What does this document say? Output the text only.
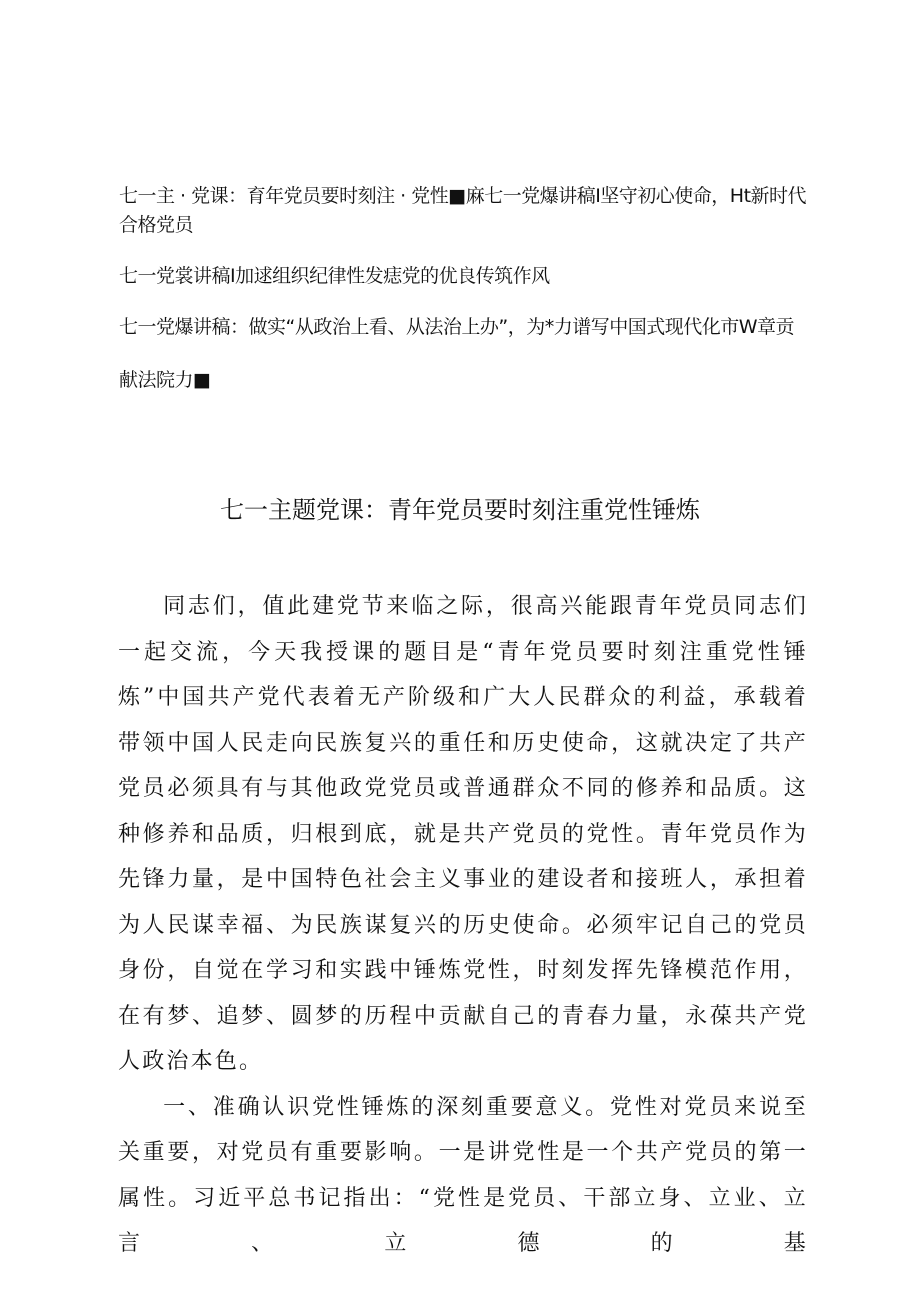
七一主 · 党课：育年党员要时刻注 · 党性■麻七一党爆讲稿I坚守初心使命，Ht新时代

合格党员

七一党裳讲稿I加逑组织纪律性发痣党的优良传筑作风

七一党爆讲稿：做实“从政治上看、从法治上办”，为*力谱写中国式现代化市W章贡

献法院力■

七一主题党课：青年党员要时刻注重党性锤炼

同志们，值此建党节来临之际，很高兴能跟青年党员同志们一起交流，今天我授课的题目是“青年党员要时刻注重党性锤炼”中国共产党代表着无产阶级和广大人民群众的利益，承载着带领中国人民走向民族复兴的重任和历史使命，这就决定了共产党员必须具有与其他政党党员或普通群众不同的修养和品质。这种修养和品质，归根到底，就是共产党员的党性。青年党员作为先锋力量，是中国特色社会主义事业的建设者和接班人，承担着为人民谋幸福、为民族谋复兴的历史使命。必须牢记自己的党员身份，自觉在学习和实践中锤炼党性，时刻发挥先锋模范作用，在有梦、追梦、圆梦的历程中贡献自己的青春力量，永葆共产党人政治本色。

一、准确认识党性锤炼的深刻重要意义。党性对党员来说至关重要，对党员有重要影响。一是讲党性是一个共产党员的第一属性。习近平总书记指出：“党性是党员、干部立身、立业、立言、立德的基
